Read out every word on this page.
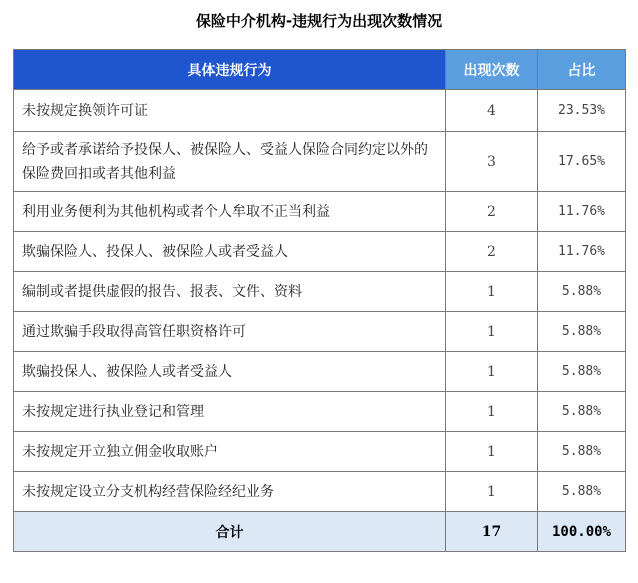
保险中介机构-违规行为出现次数情况
具体违规行为	出现次数	占比
未按规定换领许可证	4	23.53%
给予或者承诺给予投保人、被保险人、受益人保险合同约定以外的保险费回扣或者其他利益	3	17.65%
利用业务便利为其他机构或者个人牟取不正当利益	2	11.76%
欺骗保险人、投保人、被保险人或者受益人	2	11.76%
编制或者提供虚假的报告、报表、文件、资料	1	5.88%
通过欺骗手段取得高管任职资格许可	1	5.88%
欺骗投保人、被保险人或者受益人	1	5.88%
未按规定进行执业登记和管理	1	5.88%
未按规定开立独立佣金收取账户	1	5.88%
未按规定设立分支机构经营保险经纪业务	1	5.88%
合计	17	100.00%
